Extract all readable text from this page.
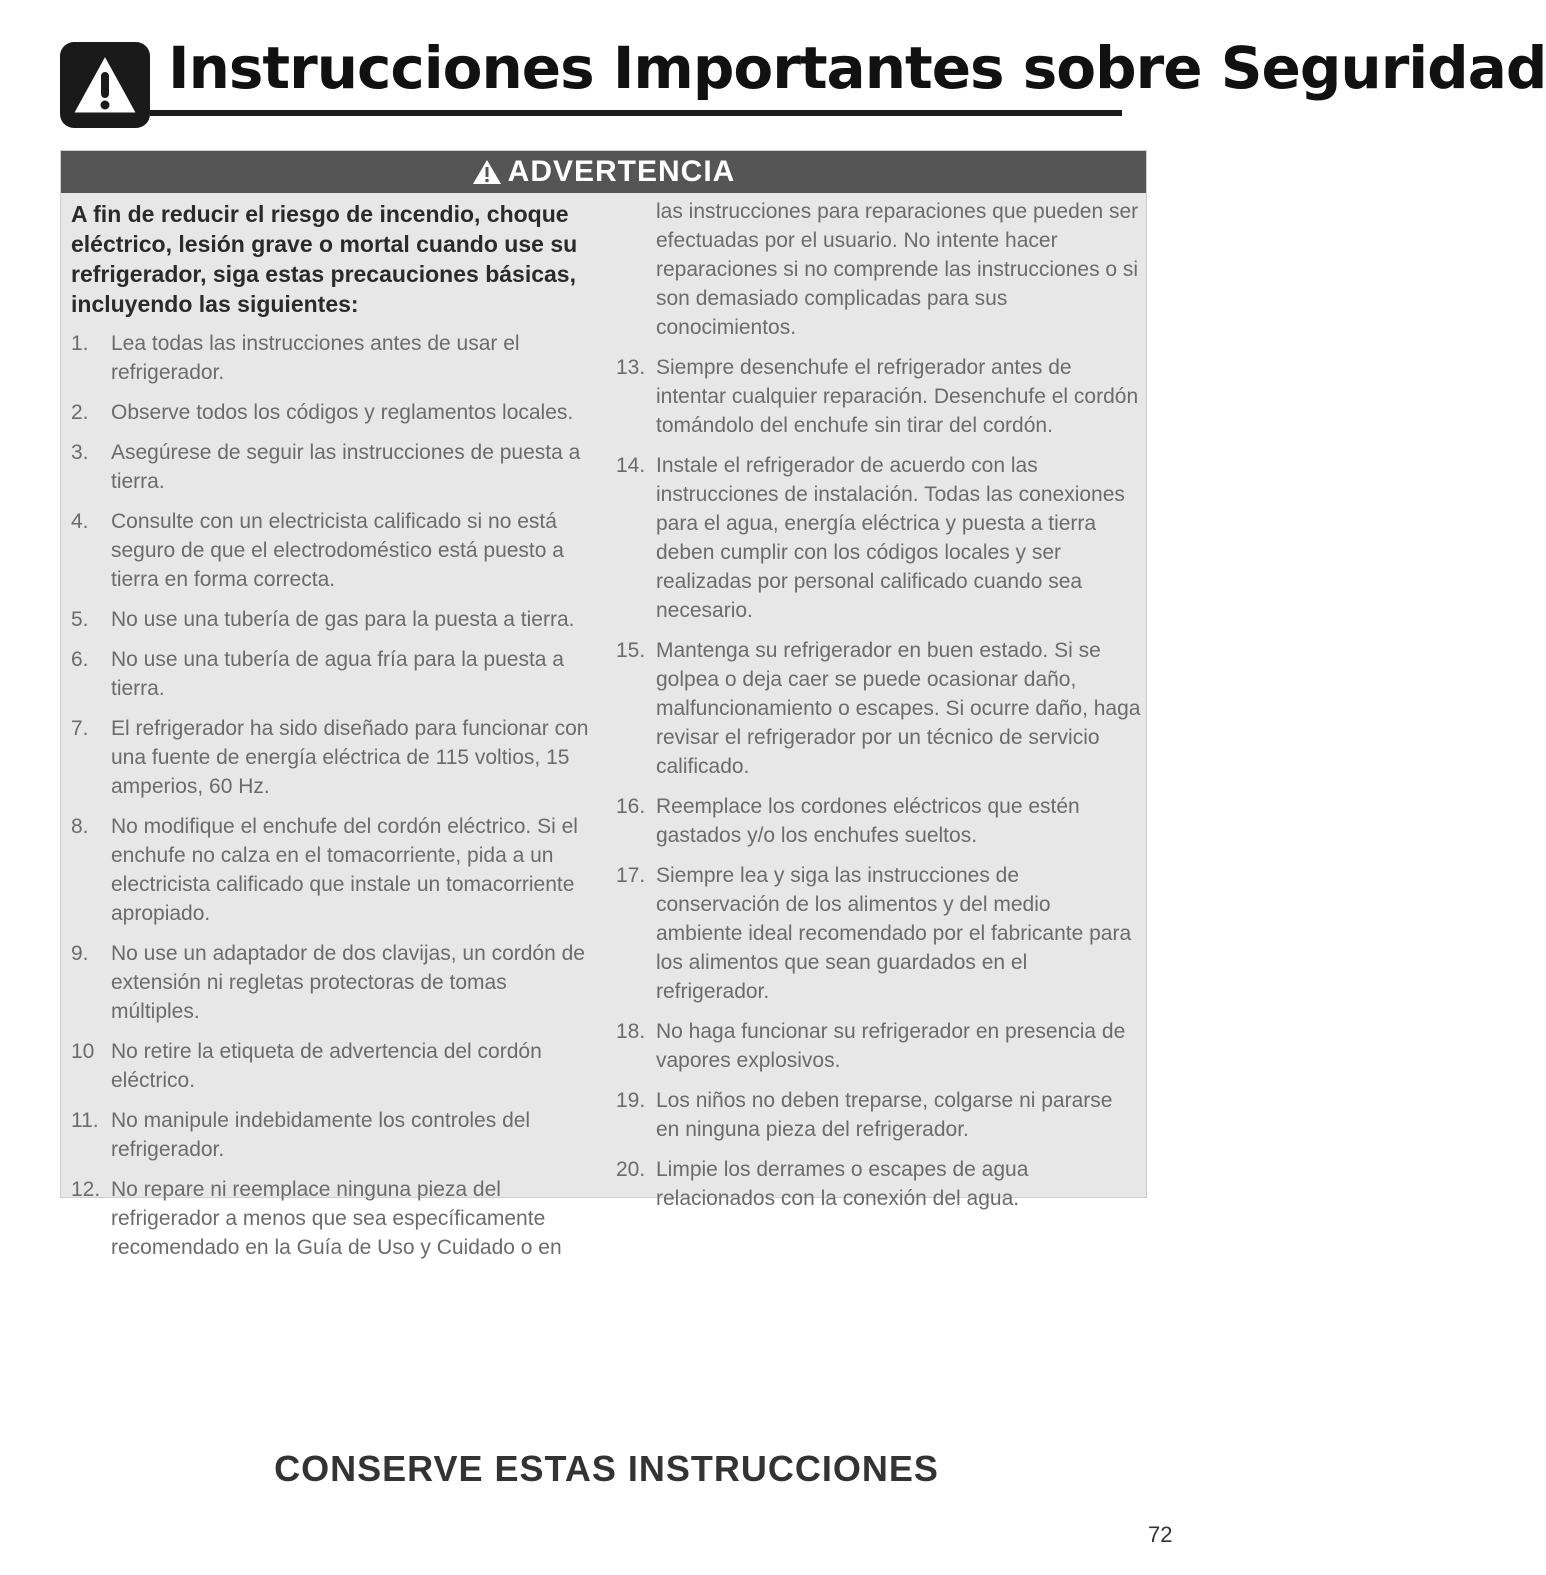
Instrucciones Importantes sobre Seguridad
ADVERTENCIA

A fin de reducir el riesgo de incendio, choque eléctrico, lesión grave o mortal cuando use su refrigerador, siga estas precauciones básicas, incluyendo las siguientes:

1.	Lea todas las instrucciones antes de usar el refrigerador.
2.	Observe todos los códigos y reglamentos locales.
3.	Asegúrese de seguir las instrucciones de puesta a tierra.
4.	Consulte con un electricista calificado si no está seguro de que el electrodoméstico está puesto a tierra en forma correcta.
5.	No use una tubería de gas para la puesta a tierra.
6.	No use una tubería de agua fría para la puesta a tierra.
7.	El refrigerador ha sido diseñado para funcionar con una fuente de energía eléctrica de 115 voltios, 15 amperios, 60 Hz.
8.	No modifique el enchufe del cordón eléctrico. Si el enchufe no calza en el tomacorriente, pida a un electricista calificado que instale un tomacorriente apropiado.
9.	No use un adaptador de dos clavijas, un cordón de extensión ni regletas protectoras de tomas múltiples.
10 No retire la etiqueta de advertencia del cordón eléctrico.
11. No manipule indebidamente los controles del refrigerador.
12. No repare ni reemplace ninguna pieza del refrigerador a menos que sea específicamente recomendado en la Guía de Uso y Cuidado o en
las instrucciones para reparaciones que pueden ser efectuadas por el usuario. No intente hacer reparaciones si no comprende las instrucciones o si son demasiado complicadas para sus conocimientos.
13. Siempre desenchufe el refrigerador antes de intentar cualquier reparación. Desenchufe el cordón tomándolo del enchufe sin tirar del cordón.
14. Instale el refrigerador de acuerdo con las instrucciones de instalación. Todas las conexiones para el agua, energía eléctrica y puesta a tierra deben cumplir con los códigos locales y ser realizadas por personal calificado cuando sea necesario.
15. Mantenga su refrigerador en buen estado. Si se golpea o deja caer se puede ocasionar daño, malfuncionamiento o escapes. Si ocurre daño, haga revisar el refrigerador por un técnico de servicio calificado.
16. Reemplace los cordones eléctricos que estén gastados y/o los enchufes sueltos.
17. Siempre lea y siga las instrucciones de conservación de los alimentos y del medio ambiente ideal recomendado por el fabricante para los alimentos que sean guardados en el refrigerador.
18. No haga funcionar su refrigerador en presencia de vapores explosivos.
19. Los niños no deben treparse, colgarse ni pararse en ninguna pieza del refrigerador.
20. Limpie los derrames o escapes de agua relacionados con la conexión del agua.
CONSERVE ESTAS INSTRUCCIONES
72
